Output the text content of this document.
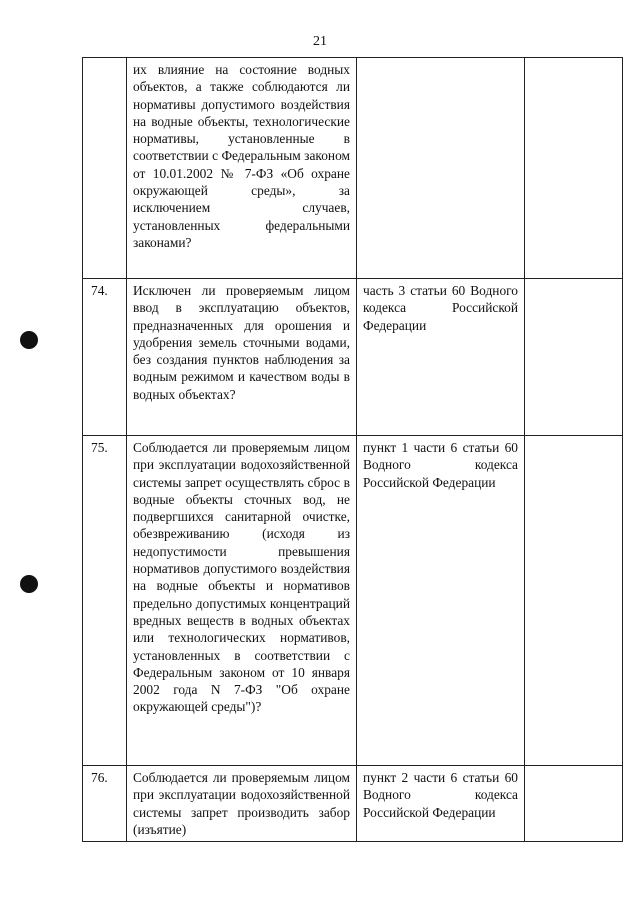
21
	их влияние на состояние водных объектов, а также соблюдаются ли нормативы допустимого воздействия на водные объекты, технологические нормативы, установленные в соответствии с Федеральным законом от 10.01.2002 № 7-ФЗ «Об охране окружающей среды», за исключением случаев, установленных федеральными законами?		
74.	Исключен ли проверяемым лицом ввод в эксплуатацию объектов, предназначенных для орошения и удобрения земель сточными водами, без создания пунктов наблюдения за водным режимом и качеством воды в водных объектах?	часть 3 статьи 60 Водного кодекса Российской Федерации	
75.	Соблюдается ли проверяемым лицом при эксплуатации водохозяйственной системы запрет осуществлять сброс в водные объекты сточных вод, не подвергшихся санитарной очистке, обезвреживанию (исходя из недопустимости превышения нормативов допустимого воздействия на водные объекты и нормативов предельно допустимых концентраций вредных веществ в водных объектах или технологических нормативов, установленных в соответствии с Федеральным законом от 10 января 2002 года N 7-ФЗ "Об охране окружающей среды")?	пункт 1 части 6 статьи 60 Водного кодекса Российской Федерации	
76.	Соблюдается ли проверяемым лицом при эксплуатации водохозяйственной системы запрет производить забор (изъятие)	пункт 2 части 6 статьи 60 Водного кодекса Российской Федерации	
